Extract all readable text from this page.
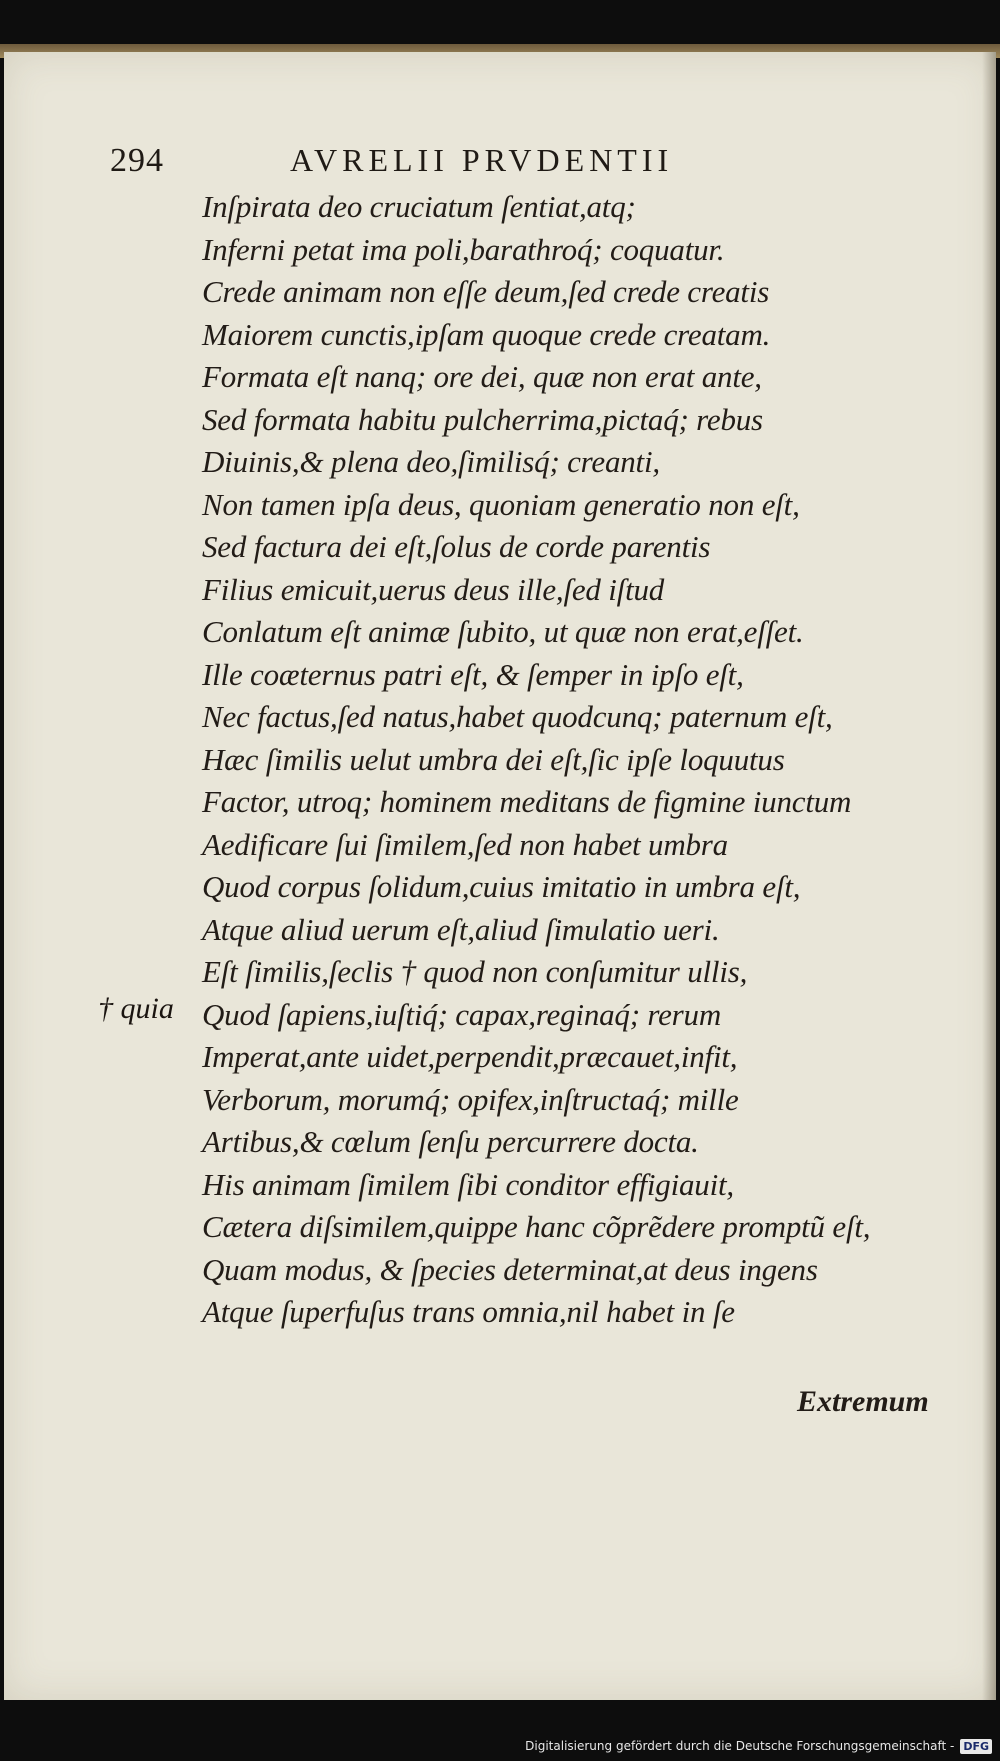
294	AVRELII PRVDENTII
Inſpirata deo cruciatum ſentiat,atq;
Inferni petat ima poli,barathroq́; coquatur.
Crede animam non eſſe deum,ſed crede creatis
Maiorem cunctis,ipſam quoque crede creatam.
Formata eſt nanq; ore dei, quæ non erat ante,
Sed formata habitu pulcherrima,pictaq́; rebus
Diuinis,& plena deo,ſimilisq́; creanti,
Non tamen ipſa deus, quoniam generatio non eſt,
Sed factura dei eſt,ſolus de corde parentis
Filius emicuit,uerus deus ille,ſed iſtud
Conlatum eſt animæ ſubito, ut quæ non erat,eſſet.
Ille coæternus patri eſt, & ſemper in ipſo eſt,
Nec factus,ſed natus,habet quodcunq; paternum eſt,
Hæc ſimilis uelut umbra dei eſt,ſic ipſe loquutus
Factor, utroq; hominem meditans de figmine iunctum
Aedificare ſui ſimilem,ſed non habet umbra
Quod corpus ſolidum,cuius imitatio in umbra eſt,
Atque aliud uerum eſt,aliud ſimulatio ueri.
Eſt ſimilis,ſeclis † quod non conſumitur ullis,
Quod ſapiens,iuſtiq́; capax,reginaq́; rerum
Imperat,ante uidet,perpendit,præcauet,infit,
Verborum, morumq́; opifex,inſtructaq́; mille
Artibus,& cœlum ſenſu percurrere docta.
His animam ſimilem ſibi conditor effigiauit,
Cætera diſsimilem,quippe hanc cõprẽdere promptũ eſt,
Quam modus, & ſpecies determinat,at deus ingens
Atque ſuperfuſus trans omnia,nil habet in ſe
† quia
Extremum
Digitalisierung gefördert durch die Deutsche Forschungsgemeinschaft - DFG
